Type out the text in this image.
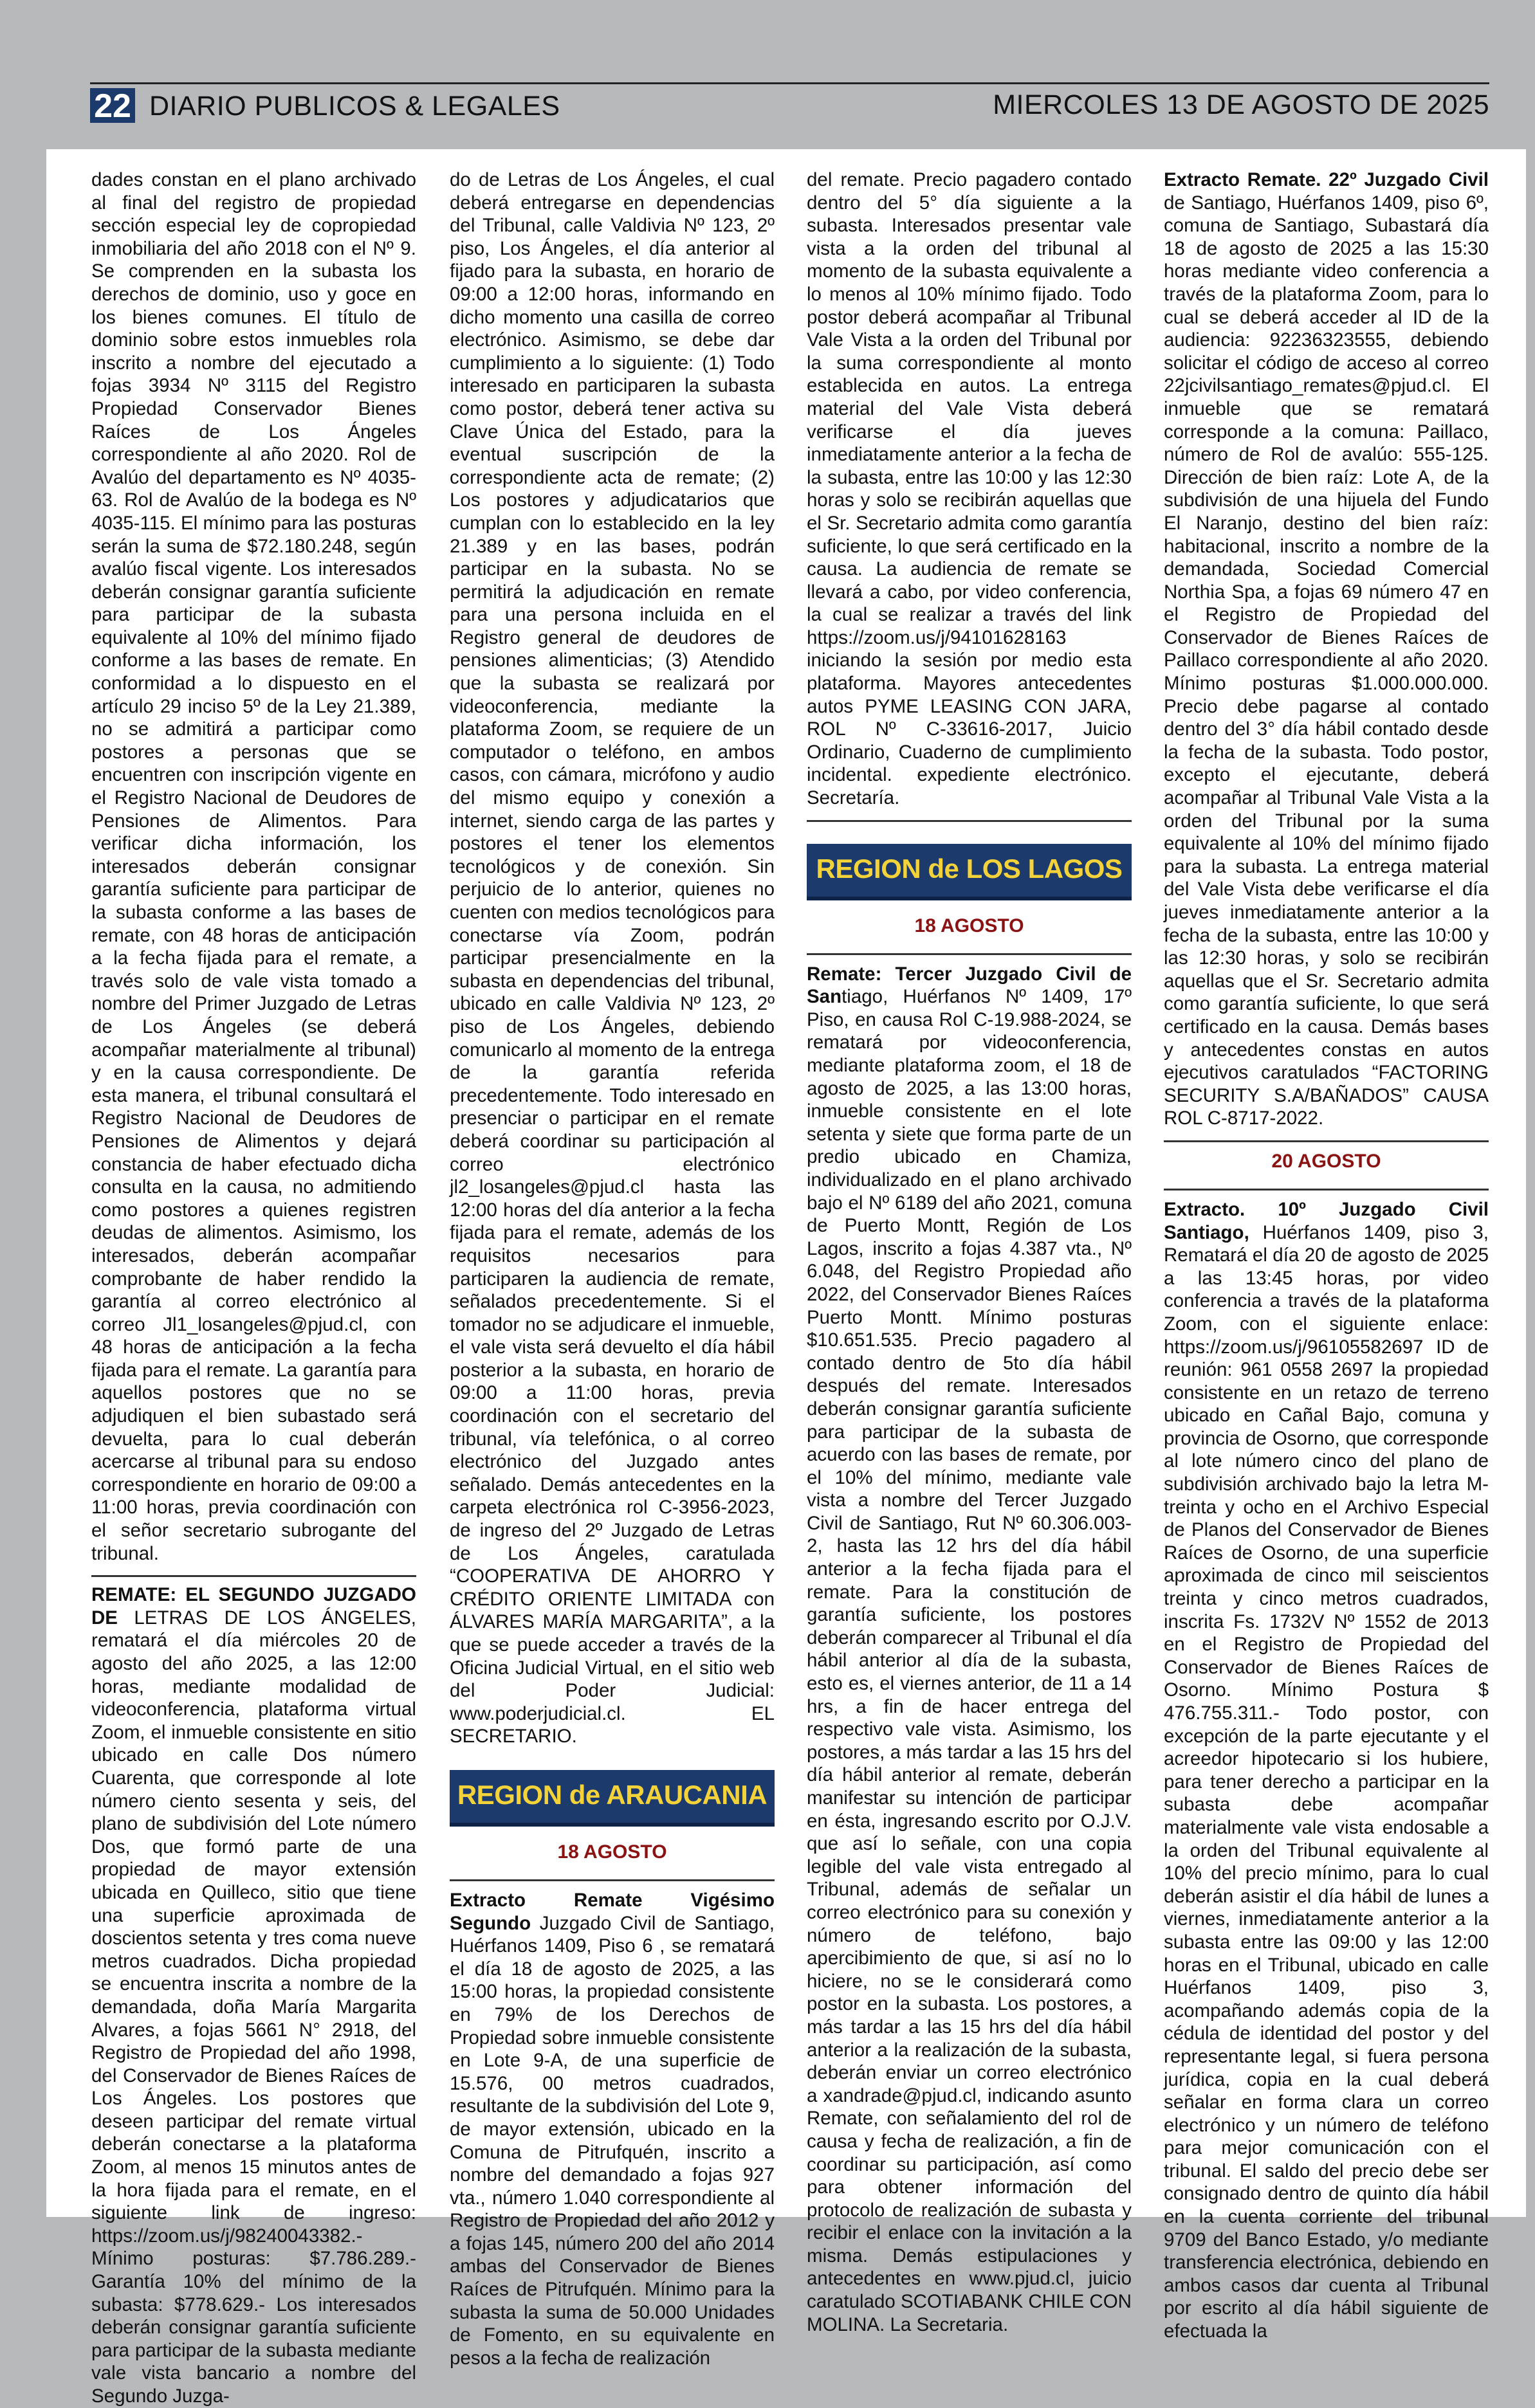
22 DIARIO PUBLICOS & LEGALES	MIERCOLES 13 DE AGOSTO DE 2025

dades constan en el plano archivado al final del registro de propiedad sección especial ley de copropiedad inmobiliaria del año 2018 con el Nº 9. Se comprenden en la subasta los derechos de dominio, uso y goce en los bienes comunes. El título de dominio sobre estos inmuebles rola inscrito a nombre del ejecutado a fojas 3934 Nº 3115 del Registro Propiedad Conservador Bienes Raíces de Los Ángeles correspondiente al año 2020. Rol de Avalúo del departamento es Nº 4035-63. Rol de Avalúo de la bodega es Nº 4035-115. El mínimo para las posturas serán la suma de $72.180.248, según avalúo fiscal vigente. Los interesados deberán consignar garantía suficiente para participar de la subasta equivalente al 10% del mínimo fijado conforme a las bases de remate. En conformidad a lo dispuesto en el artículo 29 inciso 5º de la Ley 21.389, no se admitirá a participar como postores a personas que se encuentren con inscripción vigente en el Registro Nacional de Deudores de Pensiones de Alimentos. Para verificar dicha información, los interesados deberán consignar garantía suficiente para participar de la subasta conforme a las bases de remate, con 48 horas de anticipación a la fecha fijada para el remate, a través solo de vale vista tomado a nombre del Primer Juzgado de Letras de Los Ángeles (se deberá acompañar materialmente al tribunal) y en la causa correspondiente. De esta manera, el tribunal consultará el Registro Nacional de Deudores de Pensiones de Alimentos y dejará constancia de haber efectuado dicha consulta en la causa, no admitiendo como postores a quienes registren deudas de alimentos. Asimismo, los interesados, deberán acompañar comprobante de haber rendido la garantía al correo electrónico al correo Jl1_losangeles@pjud.cl, con 48 horas de anticipación a la fecha fijada para el remate. La garantía para aquellos postores que no se adjudiquen el bien subastado será devuelta, para lo cual deberán acercarse al tribunal para su endoso correspondiente en horario de 09:00 a 11:00 horas, previa coordinación con el señor secretario subrogante del tribunal.

REMATE: EL SEGUNDO JUZGADO DE LETRAS DE LOS ÁNGELES, rematará el día miércoles 20 de agosto del año 2025, a las 12:00 horas, mediante modalidad de videoconferencia, plataforma virtual Zoom, el inmueble consistente en sitio ubicado en calle Dos número Cuarenta, que corresponde al lote número ciento sesenta y seis, del plano de subdivisión del Lote número Dos, que formó parte de una propiedad de mayor extensión ubicada en Quilleco, sitio que tiene una superficie aproximada de doscientos setenta y tres coma nueve metros cuadrados. Dicha propiedad se encuentra inscrita a nombre de la demandada, doña María Margarita Alvares, a fojas 5661 N° 2918, del Registro de Propiedad del año 1998, del Conservador de Bienes Raíces de Los Ángeles. Los postores que deseen participar del remate virtual deberán conectarse a la plataforma Zoom, al menos 15 minutos antes de la hora fijada para el remate, en el siguiente link de ingreso: https://zoom.us/j/98240043382.- Mínimo posturas: $7.786.289.- Garantía 10% del mínimo de la subasta: $778.629.- Los interesados deberán consignar garantía suficiente para participar de la subasta mediante vale vista bancario a nombre del Segundo Juzga-

do de Letras de Los Ángeles, el cual deberá entregarse en dependencias del Tribunal, calle Valdivia Nº 123, 2º piso, Los Ángeles, el día anterior al fijado para la subasta, en horario de 09:00 a 12:00 horas, informando en dicho momento una casilla de correo electrónico. Asimismo, se debe dar cumplimiento a lo siguiente: (1) Todo interesado en participaren la subasta como postor, deberá tener activa su Clave Única del Estado, para la eventual suscripción de la correspondiente acta de remate; (2) Los postores y adjudicatarios que cumplan con lo establecido en la ley 21.389 y en las bases, podrán participar en la subasta. No se permitirá la adjudicación en remate para una persona incluida en el Registro general de deudores de pensiones alimenticias; (3) Atendido que la subasta se realizará por videoconferencia, mediante la plataforma Zoom, se requiere de un computador o teléfono, en ambos casos, con cámara, micrófono y audio del mismo equipo y conexión a internet, siendo carga de las partes y postores el tener los elementos tecnológicos y de conexión. Sin perjuicio de lo anterior, quienes no cuenten con medios tecnológicos para conectarse vía Zoom, podrán participar presencialmente en la subasta en dependencias del tribunal, ubicado en calle Valdivia Nº 123, 2º piso de Los Ángeles, debiendo comunicarlo al momento de la entrega de la garantía referida precedentemente. Todo interesado en presenciar o participar en el remate deberá coordinar su participación al correo electrónico jl2_losangeles@pjud.cl hasta las 12:00 horas del día anterior a la fecha fijada para el remate, además de los requisitos necesarios para participaren la audiencia de remate, señalados precedentemente. Si el tomador no se adjudicare el inmueble, el vale vista será devuelto el día hábil posterior a la subasta, en horario de 09:00 a 11:00 horas, previa coordinación con el secretario del tribunal, vía telefónica, o al correo electrónico del Juzgado antes señalado. Demás antecedentes en la carpeta electrónica rol C-3956-2023, de ingreso del 2º Juzgado de Letras de Los Ángeles, caratulada “COOPERATIVA DE AHORRO Y CRÉDITO ORIENTE LIMITADA con ÁLVARES MARÍA MARGARITA”, a la que se puede acceder a través de la Oficina Judicial Virtual, en el sitio web del Poder Judicial: www.poderjudicial.cl. EL SECRETARIO.

REGION de ARAUCANIA
18 AGOSTO

Extracto Remate Vigésimo Segundo Juzgado Civil de Santiago, Huérfanos 1409, Piso 6 , se rematará el día 18 de agosto de 2025, a las 15:00 horas, la propiedad consistente en 79% de los Derechos de Propiedad sobre inmueble consistente en Lote 9-A, de una superficie de 15.576, 00 metros cuadrados, resultante de la subdivisión del Lote 9, de mayor extensión, ubicado en la Comuna de Pitrufquén, inscrito a nombre del demandado a fojas 927 vta., número 1.040 correspondiente al Registro de Propiedad del año 2012 y a fojas 145, número 200 del año 2014 ambas del Conservador de Bienes Raíces de Pitrufquén. Mínimo para la subasta la suma de 50.000 Unidades de Fomento, en su equivalente en pesos a la fecha de realización

del remate. Precio pagadero contado dentro del 5° día siguiente a la subasta. Interesados presentar vale vista a la orden del tribunal al momento de la subasta equivalente a lo menos al 10% mínimo fijado. Todo postor deberá acompañar al Tribunal Vale Vista a la orden del Tribunal por la suma correspondiente al monto establecida en autos. La entrega material del Vale Vista deberá verificarse el día jueves inmediatamente anterior a la fecha de la subasta, entre las 10:00 y las 12:30 horas y solo se recibirán aquellas que el Sr. Secretario admita como garantía suficiente, lo que será certificado en la causa. La audiencia de remate se llevará a cabo, por video conferencia, la cual se realizar a través del link https://zoom.us/j/94101628163 iniciando la sesión por medio esta plataforma. Mayores antecedentes autos PYME LEASING CON JARA, ROL Nº C-33616-2017, Juicio Ordinario, Cuaderno de cumplimiento incidental. expediente electrónico. Secretaría.

REGION de LOS LAGOS
18 AGOSTO

Remate: Tercer Juzgado Civil de Santiago, Huérfanos Nº 1409, 17º Piso, en causa Rol C-19.988-2024, se rematará por videoconferencia, mediante plataforma zoom, el 18 de agosto de 2025, a las 13:00 horas, inmueble consistente en el lote setenta y siete que forma parte de un predio ubicado en Chamiza, individualizado en el plano archivado bajo el Nº 6189 del año 2021, comuna de Puerto Montt, Región de Los Lagos, inscrito a fojas 4.387 vta., Nº 6.048, del Registro Propiedad año 2022, del Conservador Bienes Raíces Puerto Montt. Mínimo posturas $10.651.535. Precio pagadero al contado dentro de 5to día hábil después del remate. Interesados deberán consignar garantía suficiente para participar de la subasta de acuerdo con las bases de remate, por el 10% del mínimo, mediante vale vista a nombre del Tercer Juzgado Civil de Santiago, Rut Nº 60.306.003-2, hasta las 12 hrs del día hábil anterior a la fecha fijada para el remate. Para la constitución de garantía suficiente, los postores deberán comparecer al Tribunal el día hábil anterior al día de la subasta, esto es, el viernes anterior, de 11 a 14 hrs, a fin de hacer entrega del respectivo vale vista. Asimismo, los postores, a más tardar a las 15 hrs del día hábil anterior al remate, deberán manifestar su intención de participar en ésta, ingresando escrito por O.J.V. que así lo señale, con una copia legible del vale vista entregado al Tribunal, además de señalar un correo electrónico para su conexión y número de teléfono, bajo apercibimiento de que, si así no lo hiciere, no se le considerará como postor en la subasta. Los postores, a más tardar a las 15 hrs del día hábil anterior a la realización de la subasta, deberán enviar un correo electrónico a xandrade@pjud.cl, indicando asunto Remate, con señalamiento del rol de causa y fecha de realización, a fin de coordinar su participación, así como para obtener información del protocolo de realización de subasta y recibir el enlace con la invitación a la misma. Demás estipulaciones y antecedentes en www.pjud.cl, juicio caratulado SCOTIABANK CHILE CON MOLINA. La Secretaria.

Extracto Remate. 22º Juzgado Civil de Santiago, Huérfanos 1409, piso 6º, comuna de Santiago, Subastará día 18 de agosto de 2025 a las 15:30 horas mediante video conferencia a través de la plataforma Zoom, para lo cual se deberá acceder al ID de la audiencia: 92236323555, debiendo solicitar el código de acceso al correo 22jcivilsantiago_remates@pjud.cl. El inmueble que se rematará corresponde a la comuna: Paillaco, número de Rol de avalúo: 555-125. Dirección de bien raíz: Lote A, de la subdivisión de una hijuela del Fundo El Naranjo, destino del bien raíz: habitacional, inscrito a nombre de la demandada, Sociedad Comercial Northia Spa, a fojas 69 número 47 en el Registro de Propiedad del Conservador de Bienes Raíces de Paillaco correspondiente al año 2020. Mínimo posturas $1.000.000.000. Precio debe pagarse al contado dentro del 3° día hábil contado desde la fecha de la subasta. Todo postor, excepto el ejecutante, deberá acompañar al Tribunal Vale Vista a la orden del Tribunal por la suma equivalente al 10% del mínimo fijado para la subasta. La entrega material del Vale Vista debe verificarse el día jueves inmediatamente anterior a la fecha de la subasta, entre las 10:00 y las 12:30 horas, y solo se recibirán aquellas que el Sr. Secretario admita como garantía suficiente, lo que será certificado en la causa. Demás bases y antecedentes constas en autos ejecutivos caratulados “FACTORING SECURITY S.A/BAÑADOS” CAUSA ROL C-8717-2022.

20 AGOSTO

Extracto. 10º Juzgado Civil Santiago, Huérfanos 1409, piso 3, Rematará el día 20 de agosto de 2025 a las 13:45 horas, por video conferencia a través de la plataforma Zoom, con el siguiente enlace: https://zoom.us/j/96105582697 ID de reunión: 961 0558 2697 la propiedad consistente en un retazo de terreno ubicado en Cañal Bajo, comuna y provincia de Osorno, que corresponde al lote número cinco del plano de subdivisión archivado bajo la letra M-treinta y ocho en el Archivo Especial de Planos del Conservador de Bienes Raíces de Osorno, de una superficie aproximada de cinco mil seiscientos treinta y cinco metros cuadrados, inscrita Fs. 1732V Nº 1552 de 2013 en el Registro de Propiedad del Conservador de Bienes Raíces de Osorno. Mínimo Postura $ 476.755.311.- Todo postor, con excepción de la parte ejecutante y el acreedor hipotecario si los hubiere, para tener derecho a participar en la subasta debe acompañar materialmente vale vista endosable a la orden del Tribunal equivalente al 10% del precio mínimo, para lo cual deberán asistir el día hábil de lunes a viernes, inmediatamente anterior a la subasta entre las 09:00 y las 12:00 horas en el Tribunal, ubicado en calle Huérfanos 1409, piso 3, acompañando además copia de la cédula de identidad del postor y del representante legal, si fuera persona jurídica, copia en la cual deberá señalar en forma clara un correo electrónico y un número de teléfono para mejor comunicación con el tribunal. El saldo del precio debe ser consignado dentro de quinto día hábil en la cuenta corriente del tribunal 9709 del Banco Estado, y/o mediante transferencia electrónica, debiendo en ambos casos dar cuenta al Tribunal por escrito al día hábil siguiente de efectuada la
